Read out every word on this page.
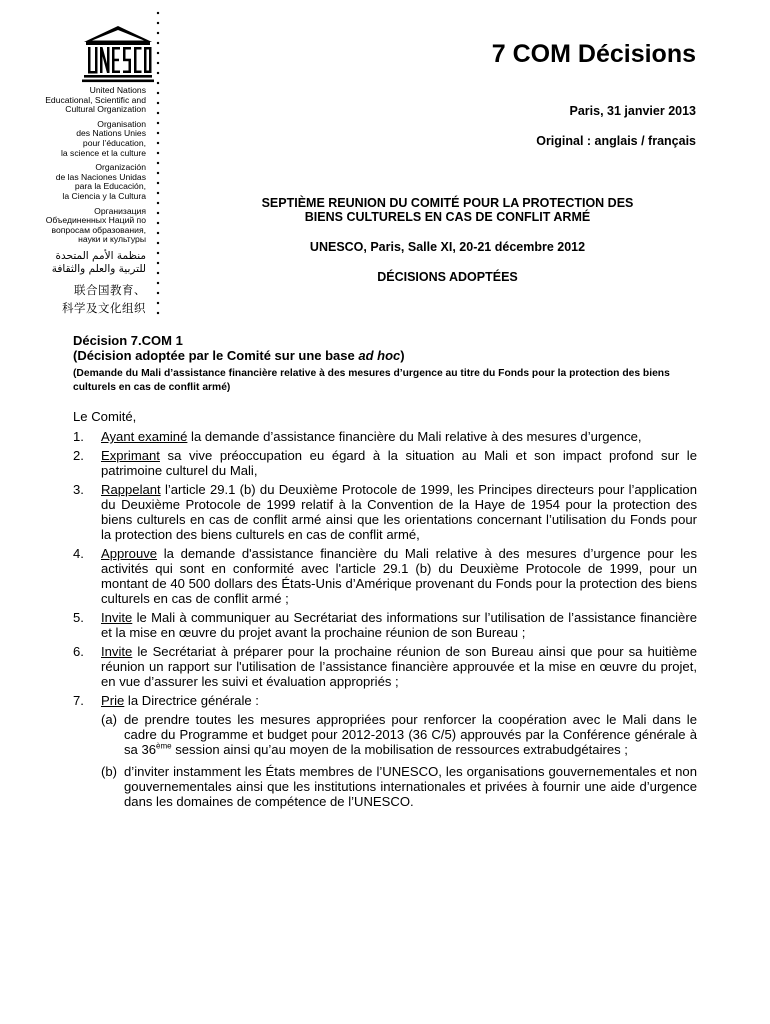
United Nations
Educational, Scientific and
Cultural Organization
Organisation
des Nations Unies
pour l’éducation,
la science et la culture
Organización
de las Naciones Unidas
para la Educación,
la Ciencia y la Cultura
Организация
Объединенных Наций по
вопросам образования,
науки и культуры
منظمة الأمم المتحدة
للتربية والعلم والثقافة
联合国教育、
科学及文化组织
7 COM Décisions
Paris, 31 janvier 2013
Original : anglais / français
SEPTIÈME REUNION DU COMITÉ POUR LA PROTECTION DES
BIENS CULTURELS EN CAS DE CONFLIT ARMÉ
UNESCO, Paris, Salle XI, 20-21 décembre 2012
DÉCISIONS ADOPTÉES
Décision 7.COM 1
(Décision adoptée par le Comité sur une base ad hoc)
(Demande du Mali d’assistance financière relative à des mesures d’urgence au titre du Fonds pour la protection des biens culturels en cas de conflit armé)
Le Comité,
1. Ayant examiné la demande d’assistance financière du Mali relative à des mesures d’urgence,
2. Exprimant sa vive préoccupation eu égard à la situation au Mali et son impact profond sur le patrimoine culturel du Mali,
3. Rappelant l’article 29.1 (b) du Deuxième Protocole de 1999, les Principes directeurs pour l’application du Deuxième Protocole de 1999 relatif à la Convention de la Haye de 1954 pour la protection des biens culturels en cas de conflit armé ainsi que les orientations concernant l’utilisation du Fonds pour la protection des biens culturels en cas de conflit armé,
4. Approuve la demande d'assistance financière du Mali relative à des mesures d’urgence pour les activités qui sont en conformité avec l'article 29.1 (b) du Deuxième Protocole de 1999, pour un montant de 40 500 dollars des États-Unis d’Amérique provenant du Fonds pour la protection des biens culturels en cas de conflit armé ;
5. Invite le Mali à communiquer au Secrétariat des informations sur l’utilisation de l’assistance financière et la mise en œuvre du projet avant la prochaine réunion de son Bureau ;
6. Invite le Secrétariat à préparer pour la prochaine réunion de son Bureau ainsi que pour sa huitième réunion un rapport sur l'utilisation de l’assistance financière approuvée et la mise en œuvre du projet, en vue d’assurer les suivi et évaluation appropriés ;
7. Prie la Directrice générale :
(a) de prendre toutes les mesures appropriées pour renforcer la coopération avec le Mali dans le cadre du Programme et budget pour 2012-2013 (36 C/5) approuvés par la Conférence générale à sa 36ème session ainsi qu’au moyen de la mobilisation de ressources extrabudgétaires ;
(b) d’inviter instamment les États membres de l’UNESCO, les organisations gouvernementales et non gouvernementales ainsi que les institutions internationales et privées à fournir une aide d’urgence dans les domaines de compétence de l’UNESCO.
